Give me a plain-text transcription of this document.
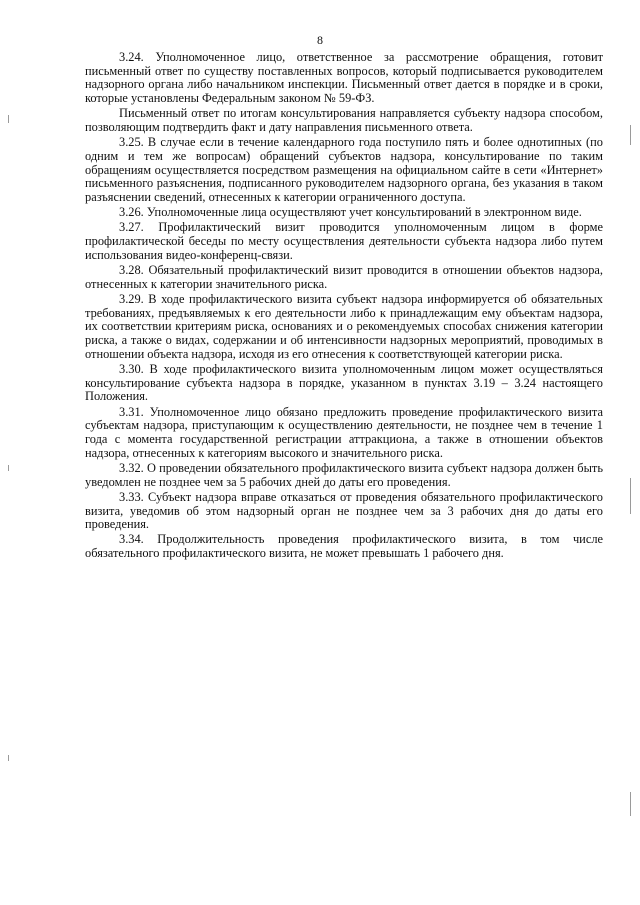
8

3.24. Уполномоченное лицо, ответственное за рассмотрение обращения, готовит письменный ответ по существу поставленных вопросов, который подписывается руководителем надзорного органа либо начальником инспекции. Письменный ответ дается в порядке и в сроки, которые установлены Федеральным законом № 59-ФЗ.

Письменный ответ по итогам консультирования направляется субъекту надзора способом, позволяющим подтвердить факт и дату направления письменного ответа.

3.25. В случае если в течение календарного года поступило пять и более однотипных (по одним и тем же вопросам) обращений субъектов надзора, консультирование по таким обращениям осуществляется посредством размещения на официальном сайте в сети «Интернет» письменного разъяснения, подписанного руководителем надзорного органа, без указания в таком разъяснении сведений, отнесенных к категории ограниченного доступа.

3.26. Уполномоченные лица осуществляют учет консультирований в электронном виде.

3.27. Профилактический визит проводится уполномоченным лицом в форме профилактической беседы по месту осуществления деятельности субъекта надзора либо путем использования видео-конференц-связи.

3.28. Обязательный профилактический визит проводится в отношении объектов надзора, отнесенных к категории значительного риска.

3.29. В ходе профилактического визита субъект надзора информируется об обязательных требованиях, предъявляемых к его деятельности либо к принадлежащим ему объектам надзора, их соответствии критериям риска, основаниях и о рекомендуемых способах снижения категории риска, а также о видах, содержании и об интенсивности надзорных мероприятий, проводимых в отношении объекта надзора, исходя из его отнесения к соответствующей категории риска.

3.30. В ходе профилактического визита уполномоченным лицом может осуществляться консультирование субъекта надзора в порядке, указанном в пунктах 3.19 – 3.24 настоящего Положения.

3.31. Уполномоченное лицо обязано предложить проведение профилактического визита субъектам надзора, приступающим к осуществлению деятельности, не позднее чем в течение 1 года с момента государственной регистрации аттракциона, а также в отношении объектов надзора, отнесенных к категориям высокого и значительного риска.

3.32. О проведении обязательного профилактического визита субъект надзора должен быть уведомлен не позднее чем за 5 рабочих дней до даты его проведения.

3.33. Субъект надзора вправе отказаться от проведения обязательного профилактического визита, уведомив об этом надзорный орган не позднее чем за 3 рабочих дня до даты его проведения.

3.34. Продолжительность проведения профилактического визита, в том числе обязательного профилактического визита, не может превышать 1 рабочего дня.
